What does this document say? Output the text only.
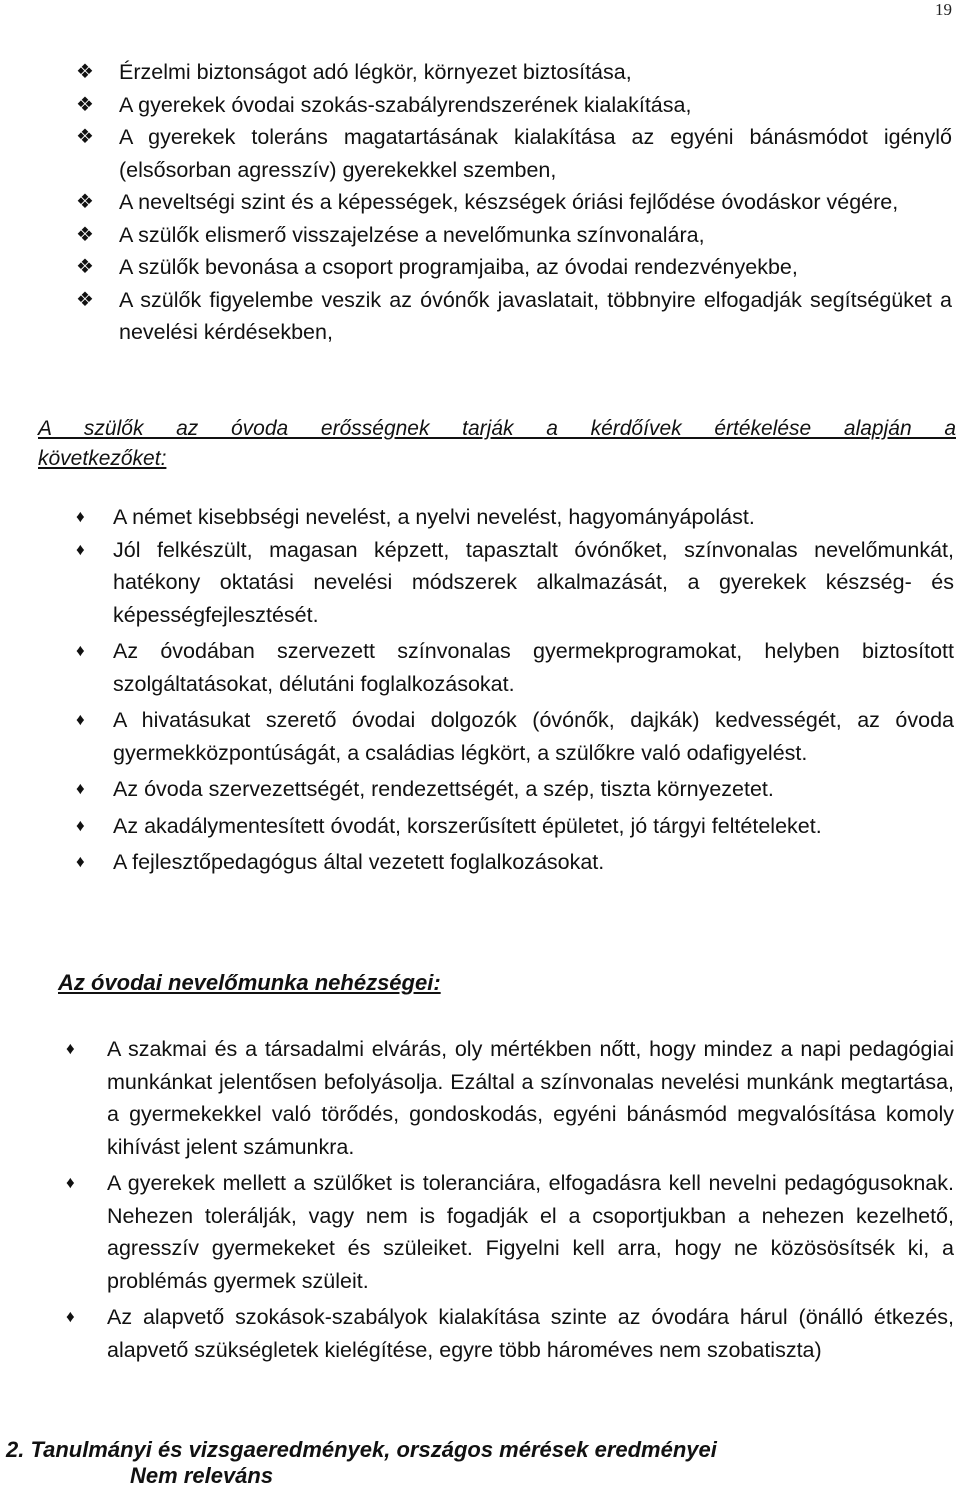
19
❖ Érzelmi biztonságot adó légkör, környezet biztosítása,
❖ A gyerekek óvodai szokás-szabályrendszerének kialakítása,
❖ A gyerekek toleráns magatartásának kialakítása az egyéni bánásmódot igénylő (elsősorban agresszív) gyerekekkel szemben,
❖ A neveltségi szint és a képességek, készségek óriási fejlődése óvodáskor végére,
❖ A szülők elismerő visszajelzése a nevelőmunka színvonalára,
❖ A szülők bevonása a csoport programjaiba, az óvodai rendezvényekbe,
❖ A szülők figyelembe veszik az óvónők javaslatait, többnyire elfogadják segítségüket a nevelési kérdésekben,
A szülők az óvoda erősségnek tarják a kérdőívek értékelése alapján a
következőket:
♦ A német kisebbségi nevelést, a nyelvi nevelést, hagyományápolást.
♦ Jól felkészült, magasan képzett, tapasztalt óvónőket, színvonalas nevelőmunkát, hatékony oktatási nevelési módszerek alkalmazását, a gyerekek készség- és képességfejlesztését.
♦ Az óvodában szervezett színvonalas gyermekprogramokat, helyben biztosított szolgáltatásokat, délutáni foglalkozásokat.
♦ A hivatásukat szerető óvodai dolgozók (óvónők, dajkák) kedvességét, az óvoda gyermekközpontúságát, a családias légkört, a szülőkre való odafigyelést.
♦ Az óvoda szervezettségét, rendezettségét, a szép, tiszta környezetet.
♦ Az akadálymentesített óvodát, korszerűsített épületet, jó tárgyi feltételeket.
♦ A fejlesztőpedagógus által vezetett foglalkozásokat.
Az óvodai nevelőmunka nehézségei:
♦ A szakmai és a társadalmi elvárás, oly mértékben nőtt, hogy mindez a napi pedagógiai munkánkat jelentősen befolyásolja. Ezáltal a színvonalas nevelési munkánk megtartása, a gyermekekkel való törődés, gondoskodás, egyéni bánásmód megvalósítása komoly kihívást jelent számunkra.
♦ A gyerekek mellett a szülőket is toleranciára, elfogadásra kell nevelni pedagógusoknak. Nehezen tolerálják, vagy nem is fogadják el a csoportjukban a nehezen kezelhető, agresszív gyermekeket és szüleiket. Figyelni kell arra, hogy ne közösösítsék ki, a problémás gyermek szüleit.
♦ Az alapvető szokások-szabályok kialakítása szinte az óvodára hárul (önálló étkezés, alapvető szükségletek kielégítése, egyre több hároméves nem szobatiszta)
2. Tanulmányi és vizsgaeredmények, országos mérések eredményei
Nem releváns
